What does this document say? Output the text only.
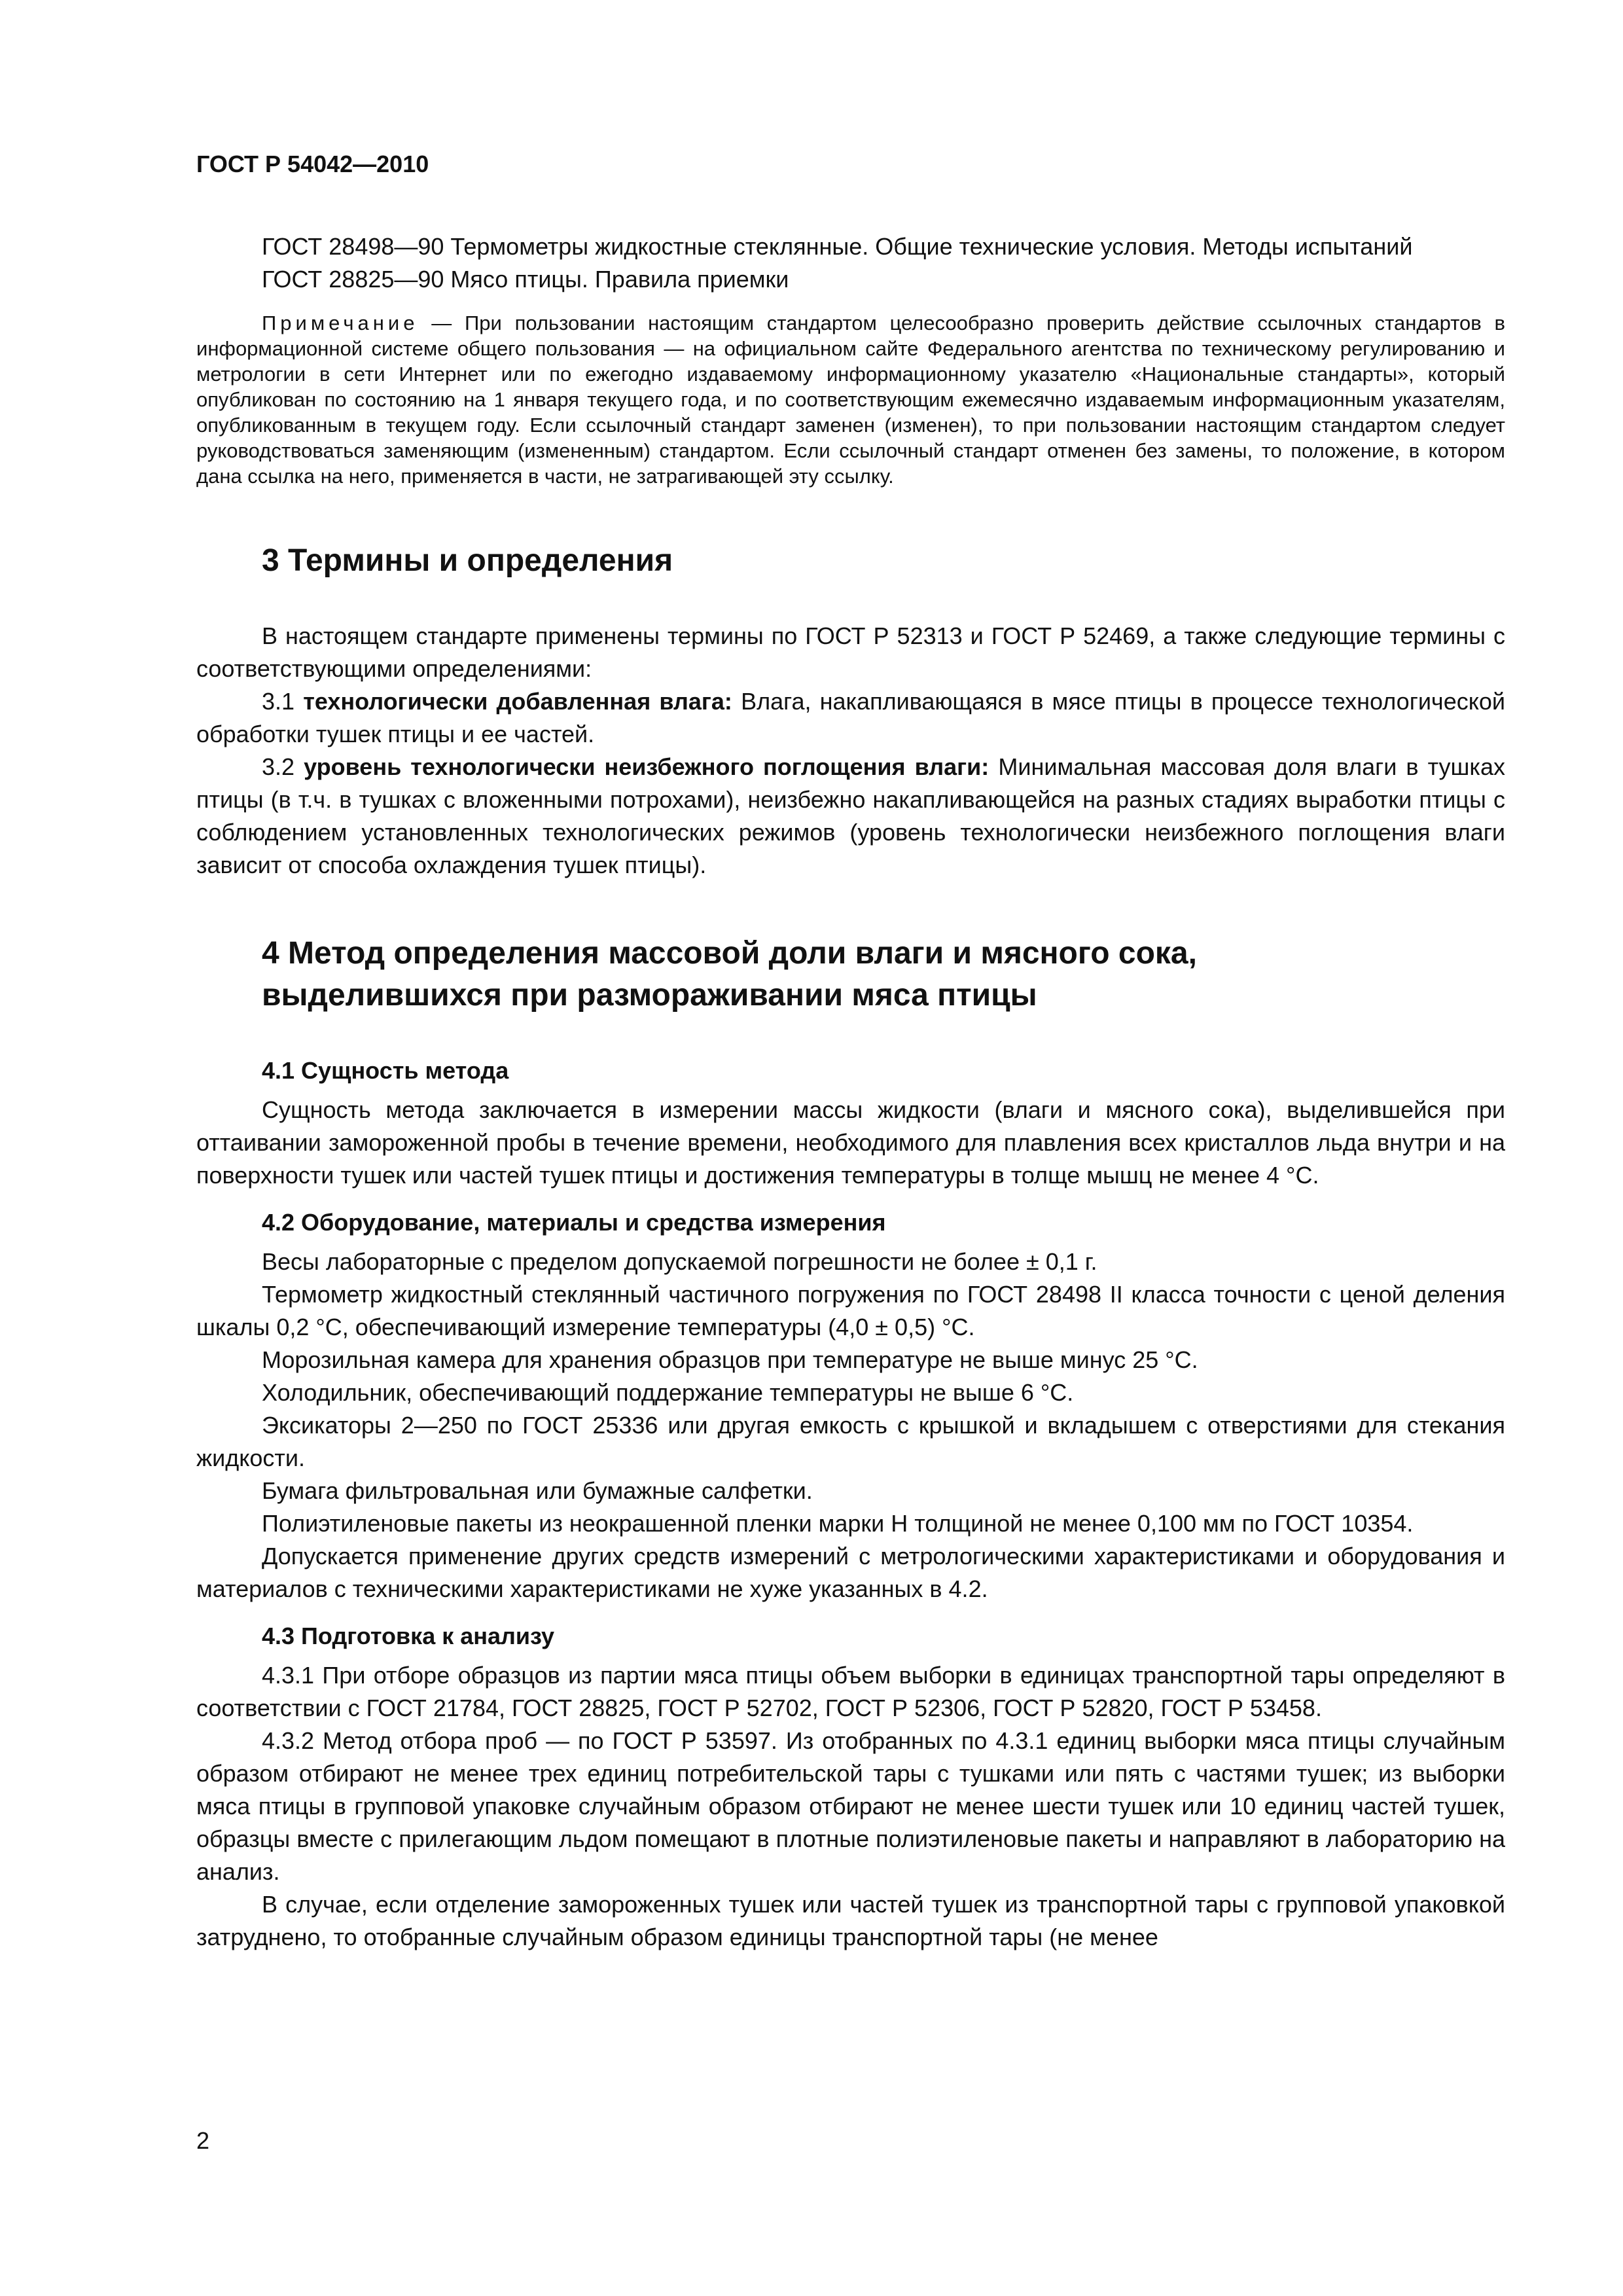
ГОСТ Р 54042—2010

ГОСТ 28498—90 Термометры жидкостные стеклянные. Общие технические условия. Методы испытаний

ГОСТ 28825—90 Мясо птицы. Правила приемки

Примечание — При пользовании настоящим стандартом целесообразно проверить действие ссылочных стандартов в информационной системе общего пользования — на официальном сайте Федерального агентства по техническому регулированию и метрологии в сети Интернет или по ежегодно издаваемому информационному указателю «Национальные стандарты», который опубликован по состоянию на 1 января текущего года, и по соответствующим ежемесячно издаваемым информационным указателям, опубликованным в текущем году. Если ссылочный стандарт заменен (изменен), то при пользовании настоящим стандартом следует руководствоваться заменяющим (измененным) стандартом. Если ссылочный стандарт отменен без замены, то положение, в котором дана ссылка на него, применяется в части, не затрагивающей эту ссылку.

3 Термины и определения

В настоящем стандарте применены термины по ГОСТ Р 52313 и ГОСТ Р 52469, а также следующие термины с соответствующими определениями:

3.1 технологически добавленная влага: Влага, накапливающаяся в мясе птицы в процессе технологической обработки тушек птицы и ее частей.

3.2 уровень технологически неизбежного поглощения влаги: Минимальная массовая доля влаги в тушках птицы (в т.ч. в тушках с вложенными потрохами), неизбежно накапливающейся на разных стадиях выработки птицы с соблюдением установленных технологических режимов (уровень технологически неизбежного поглощения влаги зависит от способа охлаждения тушек птицы).

4 Метод определения массовой доли влаги и мясного сока,
выделившихся при размораживании мяса птицы
4.1 Сущность метода

Сущность метода заключается в измерении массы жидкости (влаги и мясного сока), выделившейся при оттаивании замороженной пробы в течение времени, необходимого для плавления всех кристаллов льда внутри и на поверхности тушек или частей тушек птицы и достижения температуры в толще мышц не менее 4 °С.

4.2 Оборудование, материалы и средства измерения

Весы лабораторные с пределом допускаемой погрешности не более ± 0,1 г.

Термометр жидкостный стеклянный частичного погружения по ГОСТ 28498 II класса точности с ценой деления шкалы 0,2 °С, обеспечивающий измерение температуры (4,0 ± 0,5) °С.

Морозильная камера для хранения образцов при температуре не выше минус 25 °С.

Холодильник, обеспечивающий поддержание температуры не выше 6 °С.

Эксикаторы 2—250 по ГОСТ 25336 или другая емкость с крышкой и вкладышем с отверстиями для стекания жидкости.

Бумага фильтровальная или бумажные салфетки.

Полиэтиленовые пакеты из неокрашенной пленки марки Н толщиной не менее 0,100 мм по ГОСТ 10354.

Допускается применение других средств измерений с метрологическими характеристиками и оборудования и материалов с техническими характеристиками не хуже указанных в 4.2.

4.3 Подготовка к анализу

4.3.1 При отборе образцов из партии мяса птицы объем выборки в единицах транспортной тары определяют в соответствии с ГОСТ 21784, ГОСТ 28825, ГОСТ Р 52702, ГОСТ Р 52306, ГОСТ Р 52820, ГОСТ Р 53458.

4.3.2 Метод отбора проб — по ГОСТ Р 53597. Из отобранных по 4.3.1 единиц выборки мяса птицы случайным образом отбирают не менее трех единиц потребительской тары с тушками или пять с частями тушек; из выборки мяса птицы в групповой упаковке случайным образом отбирают не менее шести тушек или 10 единиц частей тушек, образцы вместе с прилегающим льдом помещают в плотные полиэтиленовые пакеты и направляют в лабораторию на анализ.

В случае, если отделение замороженных тушек или частей тушек из транспортной тары с групповой упаковкой затруднено, то отобранные случайным образом единицы транспортной тары (не менее

2
